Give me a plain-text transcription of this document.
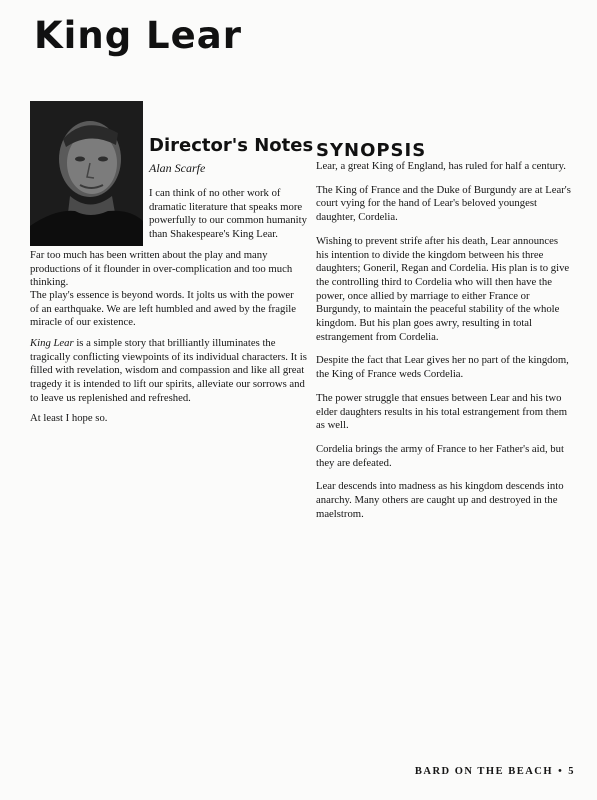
King Lear
Director's Notes
Alan Scarfe

I can think of no other work of dramatic literature that speaks more powerfully to our common humanity than Shakespeare's King Lear.

Far too much has been written about the play and many productions of it flounder in over-complication and too much thinking.

The play's essence is beyond words. It jolts us with the power of an earthquake. We are left humbled and awed by the fragile miracle of our existence.

King Lear is a simple story that brilliantly illuminates the tragically conflicting viewpoints of its individual characters. It is filled with revelation, wisdom and compassion and like all great tragedy it is intended to lift our spirits, alleviate our sorrows and to leave us replenished and refreshed.

At least I hope so.

SYNOPSIS

Lear, a great King of England, has ruled for half a century.

The King of France and the Duke of Burgundy are at Lear's court vying for the hand of Lear's beloved youngest daughter, Cordelia.

Wishing to prevent strife after his death, Lear announces his intention to divide the kingdom between his three daughters; Goneril, Regan and Cordelia. His plan is to give the controlling third to Cordelia who will then have the power, once allied by marriage to either France or Burgundy, to maintain the peaceful stability of the whole kingdom. But his plan goes awry, resulting in total estrangement from Cordelia.

Despite the fact that Lear gives her no part of the kingdom, the King of France weds Cordelia.

The power struggle that ensues between Lear and his two elder daughters results in his total estrangement from them as well.

Cordelia brings the army of France to her Father's aid, but they are defeated.

Lear descends into madness as his kingdom descends into anarchy. Many others are caught up and destroyed in the maelstrom.

BARD ON THE BEACH • 5
